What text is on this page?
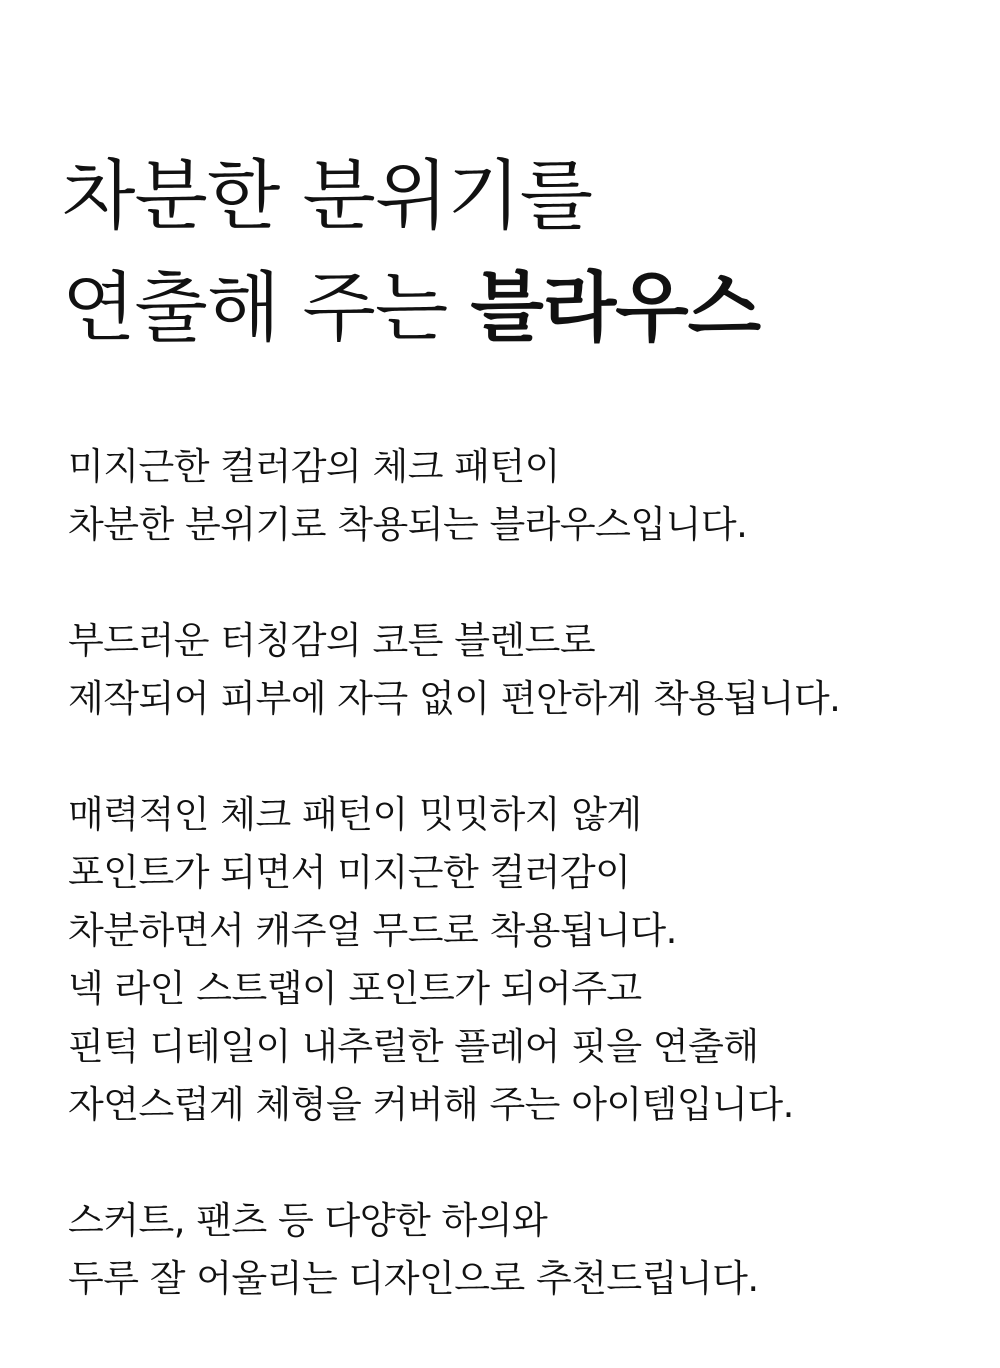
차분한 분위기를
연출해 주는 블라우스

미지근한 컬러감의 체크 패턴이
차분한 분위기로 착용되는 블라우스입니다.

부드러운 터칭감의 코튼 블렌드로
제작되어 피부에 자극 없이 편안하게 착용됩니다.

매력적인 체크 패턴이 밋밋하지 않게
포인트가 되면서 미지근한 컬러감이
차분하면서 캐주얼 무드로 착용됩니다.
넥 라인 스트랩이 포인트가 되어주고
핀턱 디테일이 내추럴한 플레어 핏을 연출해
자연스럽게 체형을 커버해 주는 아이템입니다.

스커트, 팬츠 등 다양한 하의와
두루 잘 어울리는 디자인으로 추천드립니다.
